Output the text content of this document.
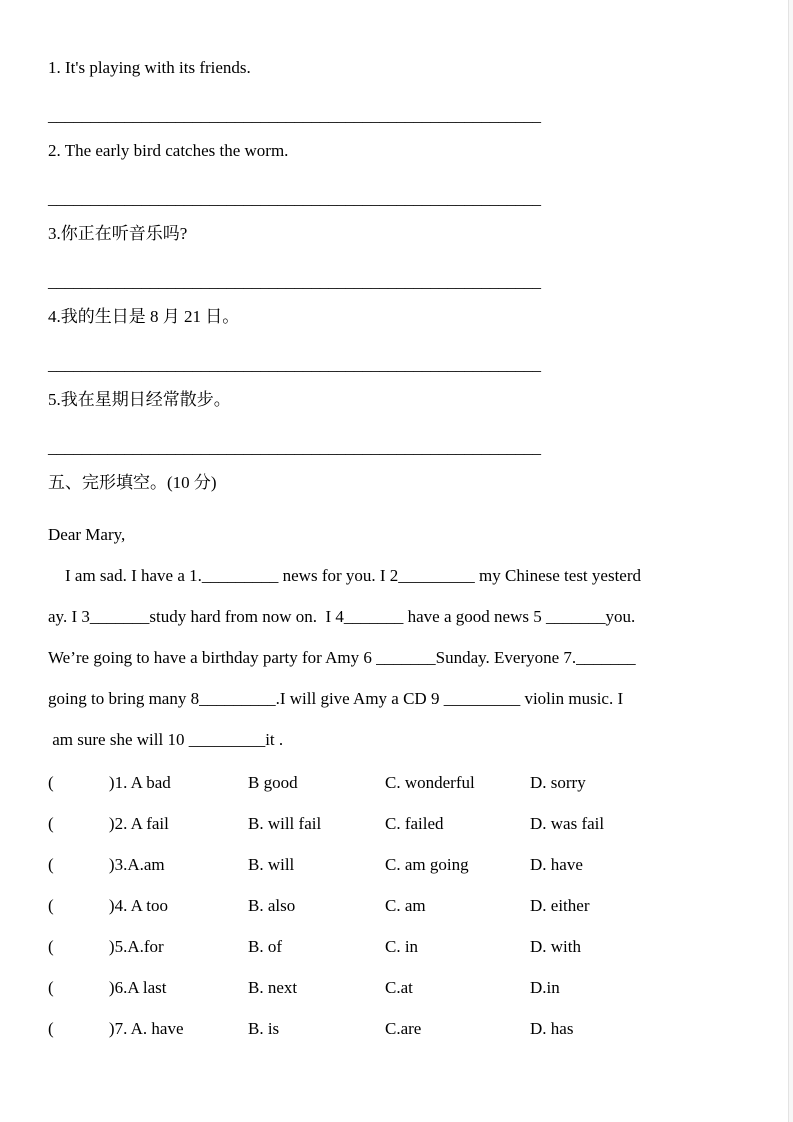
1. It's playing with its friends.
__________________________________________________________
2. The early bird catches the worm.
__________________________________________________________
3.你正在听音乐吗?
__________________________________________________________
4.我的生日是 8 月 21 日。
__________________________________________________________
5.我在星期日经常散步。
__________________________________________________________
五、完形填空。(10 分)
Dear Mary,
I am sad. I have a 1._________ news for you. I 2_________ my Chinese test yesterd
ay. I 3_______study hard from now on.  I 4_______ have a good news 5 _______you.
We’re going to have a birthday party for Amy 6 _______Sunday. Everyone 7._______
going to bring many 8_________.I will give Amy a CD 9 _________ violin music. I
am sure she will 10 _________it .
(             )1. A bad	B good	C. wonderful	D. sorry
(             )2. A fail	B. will fail	C. failed	D. was fail
(             )3.A.am	B. will	C. am going	D. have
(             )4. A too	B. also	C. am	D. either
(             )5.A.for	B. of	C. in	D. with
(             )6.A last	B. next	C.at	D.in
(             )7. A. have	B. is	C.are	D. has
